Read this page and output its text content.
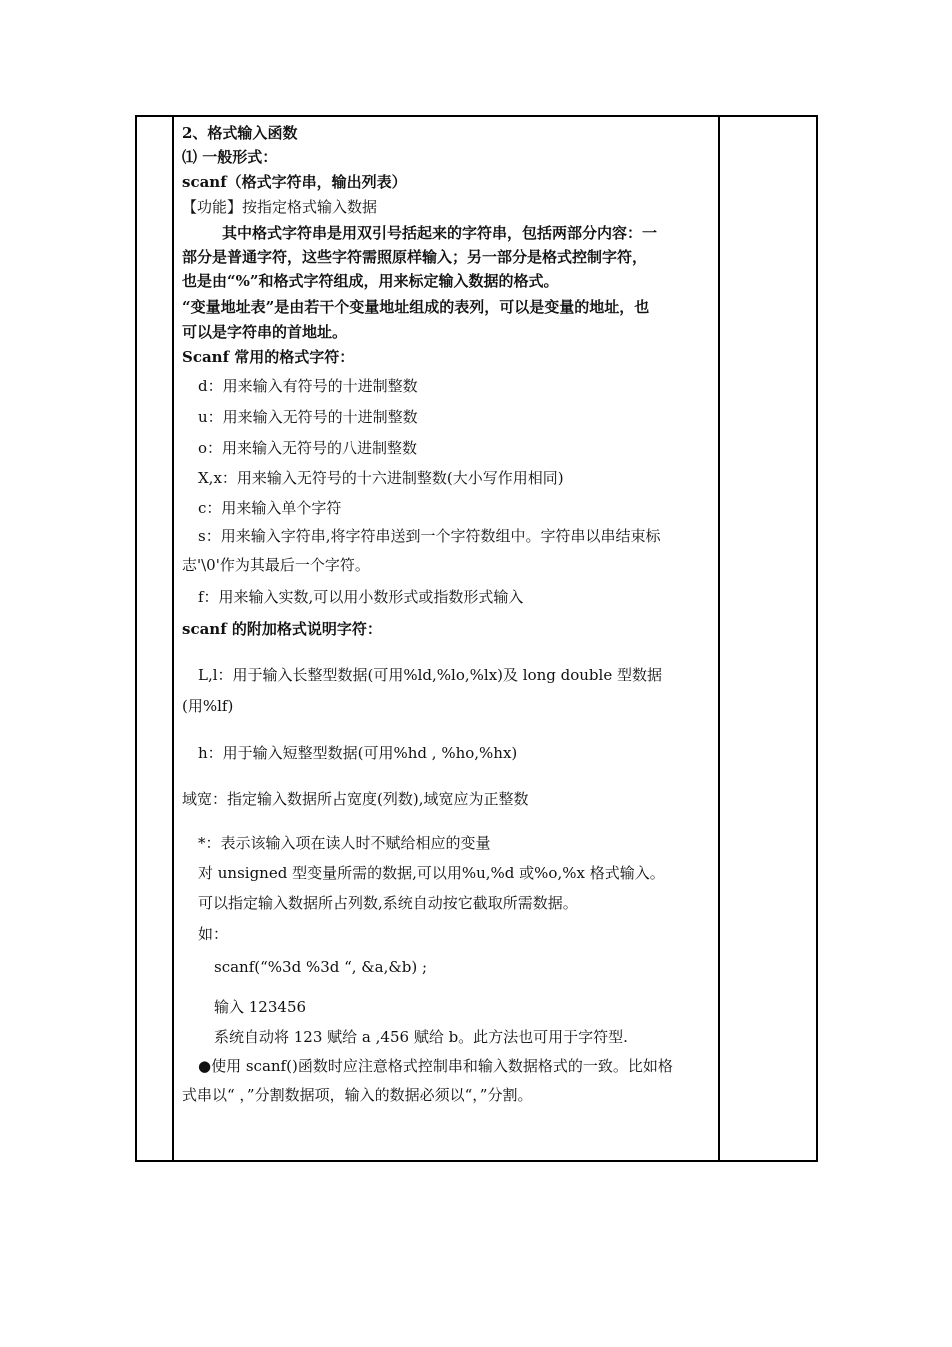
2、格式输入函数
⑴ 一般形式：
scanf（格式字符串，输出列表）
【功能】按指定格式输入数据
其中格式字符串是用双引号括起来的字符串，包括两部分内容：一
部分是普通字符，这些字符需照原样输入；另一部分是格式控制字符，
也是由“%”和格式字符组成，用来标定输入数据的格式。
“变量地址表”是由若干个变量地址组成的表列，可以是变量的地址，也
可以是字符串的首地址。
Scanf 常用的格式字符：
d：用来输入有符号的十进制整数
u：用来输入无符号的十进制整数
o：用来输入无符号的八进制整数
X,x：用来输入无符号的十六进制整数(大小写作用相同)
c：用来输入单个字符
s：用来输入字符串,将字符串送到一个字符数组中。字符串以串结束标
志'\0'作为其最后一个字符。
f：用来输入实数,可以用小数形式或指数形式输入
scanf 的附加格式说明字符：
L,l：用于输入长整型数据(可用%ld,%lo,%lx)及 long double 型数据
(用%lf)
h：用于输入短整型数据(可用%hd , %ho,%hx)
域宽：指定输入数据所占宽度(列数),域宽应为正整数
*：表示该输入项在读人时不赋给相应的变量
对 unsigned 型变量所需的数据,可以用%u,%d 或%o,%x 格式输入。
可以指定输入数据所占列数,系统自动按它截取所需数据。
如：
scanf(“%3d %3d “, &a,&b) ;
输入 123456
系统自动将 123 赋给 a ,456 赋给 b。此方法也可用于字符型.
●使用 scanf()函数时应注意格式控制串和输入数据格式的一致。比如格
式串以“ ，”分割数据项，输入的数据必须以“，”分割。
